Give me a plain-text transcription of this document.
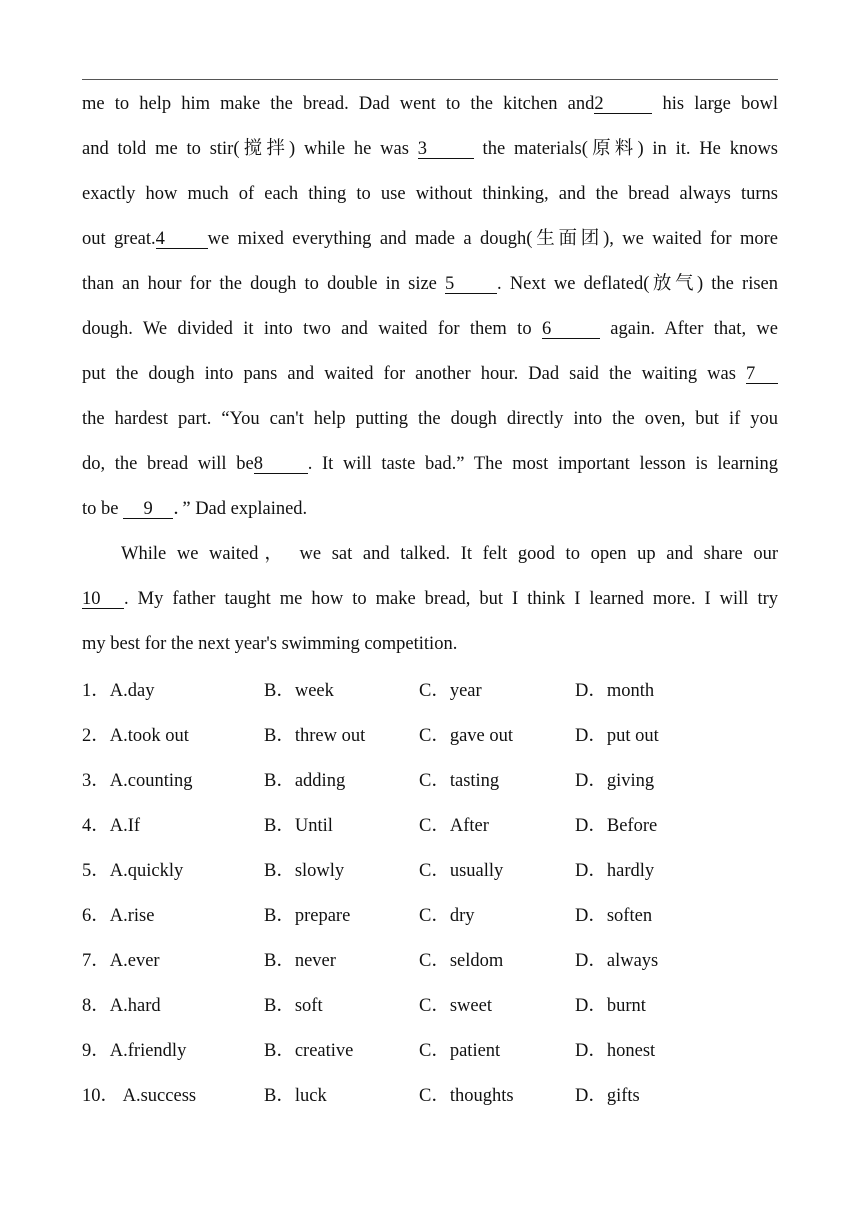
me to help him make the bread. Dad went to the kitchen and2	his large bowl
and told me to stir(搅拌) while he was 3	the materials(原料) in it. He knows
exactly how much of each thing to use without thinking, and the bread always turns
out great.4 we mixed everything and made a dough(生面团), we waited for more
than an hour for the dough to double in size 5 . Next we deflated(放气) the risen
dough. We divided it into two and waited for them to 6	again. After that, we
put the dough into pans and waited for another hour. Dad said the waiting was 7
the hardest part. “You can't help putting the dough directly into the oven, but if you
do, the bread will be8 . It will taste bad.” The most important lesson is learning
to be 9 ．” Dad explained.
While we waited， we sat and talked. It felt good to open up and share our
10 . My father taught me how to make bread, but I think I learned more. I will try
my best for the next year's swimming competition.
1．A.day	B．week	C．year	D．month
2．A.took out	B．threw out	C．gave out	D．put out
3．A.counting	B．adding	C．tasting	D．giving
4．A.If	B．Until	C．After	D．Before
5．A.quickly	B．slowly	C．usually	D．hardly
6．A.rise	B．prepare	C．dry	D．soften
7．A.ever	B．never	C．seldom	D．always
8．A.hard	B．soft	C．sweet	D．burnt
9．A.friendly	B．creative	C．patient	D．honest
10． A.success	B．luck	C．thoughts	D．gifts
